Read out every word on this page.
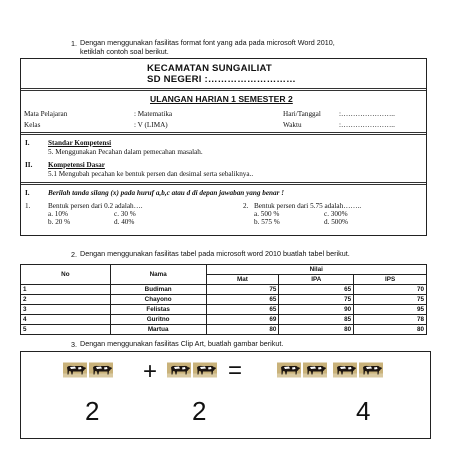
1. Dengan menggunakan fasilitas format font yang ada pada microsoft Word 2010,
ketiklah contoh soal berikut.
KECAMATAN SUNGAILIAT
SD NEGERI :………………………
ULANGAN HARIAN 1 SEMESTER 2
Mata Pelajaran	: Matematika	Hari/Tanggal	:…………………..
Kelas	: V (LIMA)	Waktu	:…………………..
I.	Standar Kompetensi
5. Menggunakan Pecahan dalam pemecahan masalah.
II. Kompetensi Dasar
5.1 Mengubah pecahan ke bentuk persen dan desimal serta sebaliknya..
I.	Berilah tanda silang (x) pada huruf a,b,c atau d di depan jawaban yang benar !
1. Bentuk persen dari 0.2 adalah….
a. 10%	c. 30 %
b. 20 %	d. 40%
2. Bentuk persen dari 5.75 adalah……..
a. 500 %	c. 300%
b. 575 %	d. 500%
2. Dengan menggunakan fasilitas tabel pada microsoft word 2010 buatlah tabel berikut.
No	Nama	Nilai		
		Mat	IPA	IPS
1	Budiman	75	65	70
2	Chayono	65	75	75
3	Felistas	65	90	95
4	Guritno	69	85	78
5	Martua	80	80	80
3. Dengan menggunakan fasilitas Clip Art, buatlah gambar berikut.
+	=
2	2	4
